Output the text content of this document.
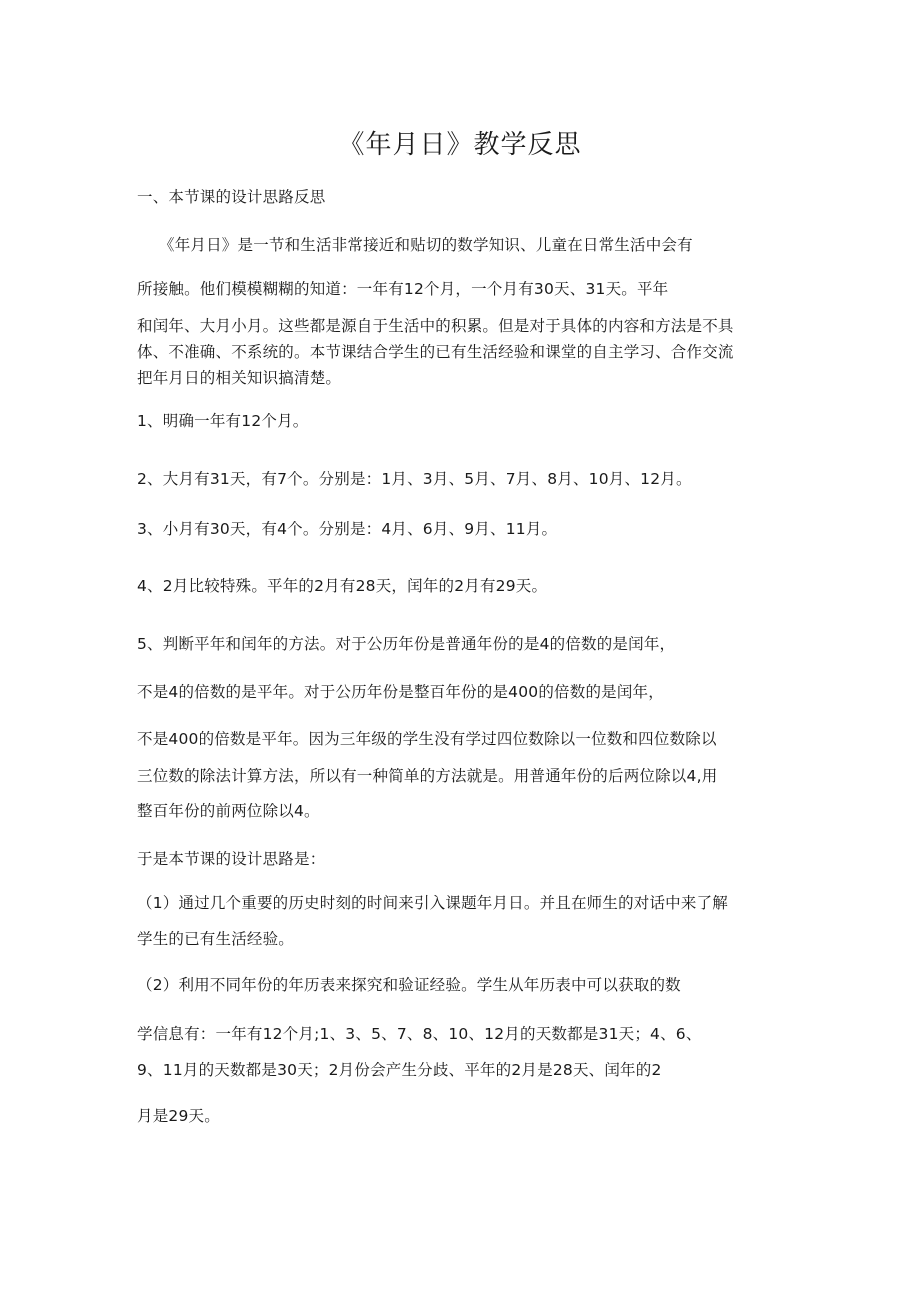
《年月日》教学反思

一、本节课的设计思路反思

《年月日》是一节和生活非常接近和贴切的数学知识、儿童在日常生活中会有

所接触。他们模模糊糊的知道：一年有12个月，一个月有30天、31天。平年

和闰年、大月小月。这些都是源自于生活中的积累。但是对于具体的内容和方法是不具

体、不准确、不系统的。本节课结合学生的已有生活经验和课堂的自主学习、合作交流

把年月日的相关知识搞清楚。

1、明确一年有12个月。

2、大月有31天，有7个。分别是：1月、3月、5月、7月、8月、10月、12月。

3、小月有30天，有4个。分别是：4月、6月、9月、11月。

4、2月比较特殊。平年的2月有28天，闰年的2月有29天。

5、判断平年和闰年的方法。对于公历年份是普通年份的是4的倍数的是闰年，

不是4的倍数的是平年。对于公历年份是整百年份的是400的倍数的是闰年，

不是400的倍数是平年。因为三年级的学生没有学过四位数除以一位数和四位数除以

三位数的除法计算方法，所以有一种简单的方法就是。用普通年份的后两位除以4,用

整百年份的前两位除以4。

于是本节课的设计思路是：

（1）通过几个重要的历史时刻的时间来引入课题年月日。并且在师生的对话中来了解

学生的已有生活经验。

（2）利用不同年份的年历表来探究和验证经验。学生从年历表中可以获取的数

学信息有：一年有12个月;1、3、5、7、8、10、12月的天数都是31天；4、6、

9、11月的天数都是30天；2月份会产生分歧、平年的2月是28天、闰年的2

月是29天。
